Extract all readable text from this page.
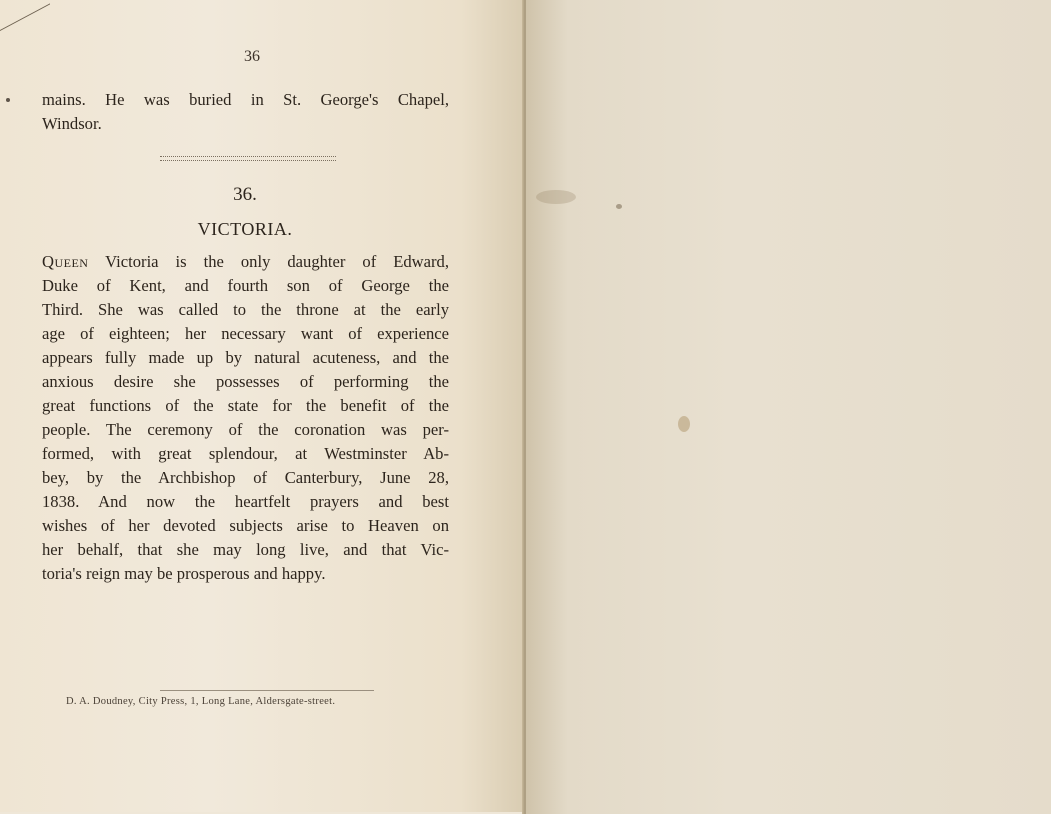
36
mains. He was buried in St. George's Chapel,
Windsor.
36.
VICTORIA.
Queen Victoria is the only daughter of Edward,
Duke of Kent, and fourth son of George the
Third. She was called to the throne at the early
age of eighteen; her necessary want of experience
appears fully made up by natural acuteness, and the
anxious desire she possesses of performing the
great functions of the state for the benefit of the
people. The ceremony of the coronation was per-
formed, with great splendour, at Westminster Ab-
bey, by the Archbishop of Canterbury, June 28,
1838. And now the heartfelt prayers and best
wishes of her devoted subjects arise to Heaven on
her behalf, that she may long live, and that Vic-
toria's reign may be prosperous and happy.
D. A. Doudney, City Press, 1, Long Lane, Aldersgate-street.
